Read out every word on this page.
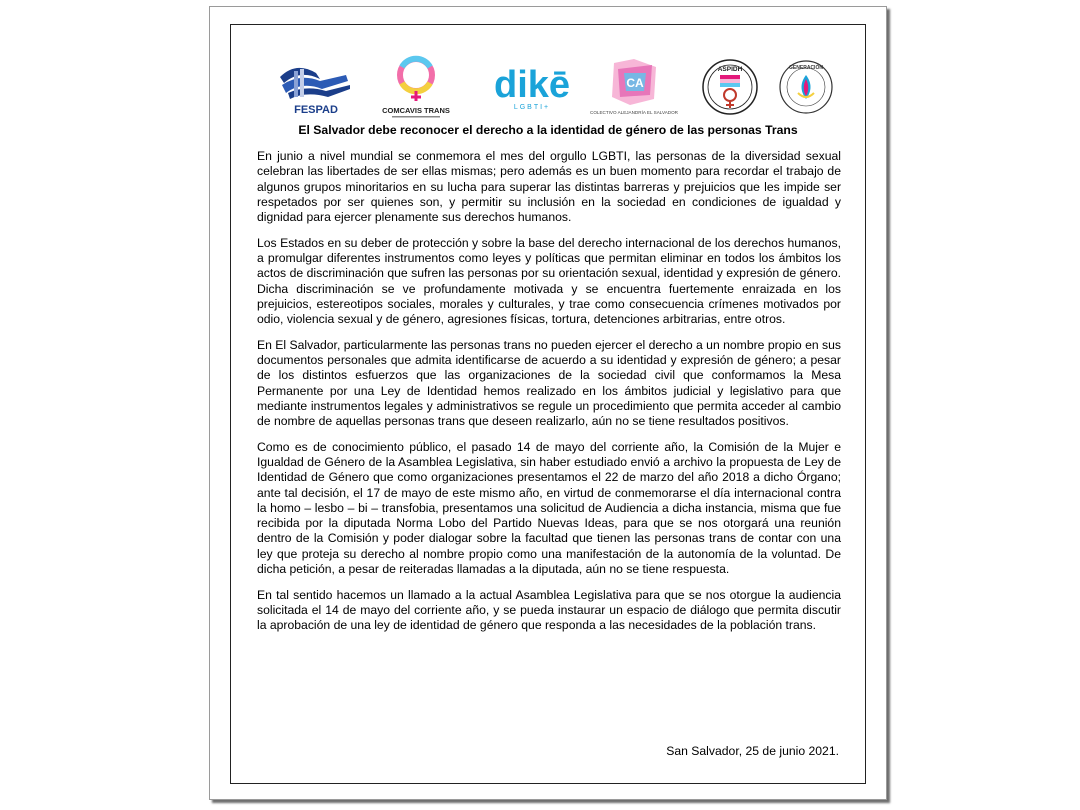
FESPAD	COMCAVIS TRANS
dikē
LGBTI+
CA
COLECTIVO ALEJANDRÍA EL SALVADOR
ASPIDH	GENERACIÓN
El Salvador debe reconocer el derecho a la identidad de género de las personas Trans

En junio a nivel mundial se conmemora el mes del orgullo LGBTI, las personas de la diversidad sexual celebran las libertades de ser ellas mismas; pero además es un buen momento para recordar el trabajo de algunos grupos minoritarios en su lucha para superar las distintas barreras y prejuicios que les impide ser respetados por ser quienes son, y permitir su inclusión en la sociedad en condiciones de igualdad y dignidad para ejercer plenamente sus derechos humanos.

Los Estados en su deber de protección y sobre la base del derecho internacional de los derechos humanos, a promulgar diferentes instrumentos como leyes y políticas que permitan eliminar en todos los ámbitos los actos de discriminación que sufren las personas por su orientación sexual, identidad y expresión de género. Dicha discriminación se ve profundamente motivada y se encuentra fuertemente enraizada en los prejuicios, estereotipos sociales, morales y culturales, y trae como consecuencia crímenes motivados por odio, violencia sexual y de género, agresiones físicas, tortura, detenciones arbitrarias, entre otros.

En El Salvador, particularmente las personas trans no pueden ejercer el derecho a un nombre propio en sus documentos personales que admita identificarse de acuerdo a su identidad y expresión de género; a pesar de los distintos esfuerzos que las organizaciones de la sociedad civil que conformamos la Mesa Permanente por una Ley de Identidad hemos realizado en los ámbitos judicial y legislativo para que mediante instrumentos legales y administrativos se regule un procedimiento que permita acceder al cambio de nombre de aquellas personas trans que deseen realizarlo, aún no se tiene resultados positivos.

Como es de conocimiento público, el pasado 14 de mayo del corriente año, la Comisión de la Mujer e Igualdad de Género de la Asamblea Legislativa, sin haber estudiado envió a archivo la propuesta de Ley de Identidad de Género que como organizaciones presentamos el 22 de marzo del año 2018 a dicho Órgano; ante tal decisión, el 17 de mayo de este mismo año, en virtud de conmemorarse el día internacional contra la homo – lesbo – bi – transfobia, presentamos una solicitud de Audiencia a dicha instancia, misma que fue recibida por la diputada Norma Lobo del Partido Nuevas Ideas, para que se nos otorgará una reunión dentro de la Comisión y poder dialogar sobre la facultad que tienen las personas trans de contar con una ley que proteja su derecho al nombre propio como una manifestación de la autonomía de la voluntad. De dicha petición, a pesar de reiteradas llamadas a la diputada, aún no se tiene respuesta.

En tal sentido hacemos un llamado a la actual Asamblea Legislativa para que se nos otorgue la audiencia solicitada el 14 de mayo del corriente año, y se pueda instaurar un espacio de diálogo que permita discutir la aprobación de una ley de identidad de género que responda a las necesidades de la población trans.

San Salvador, 25 de junio 2021.
